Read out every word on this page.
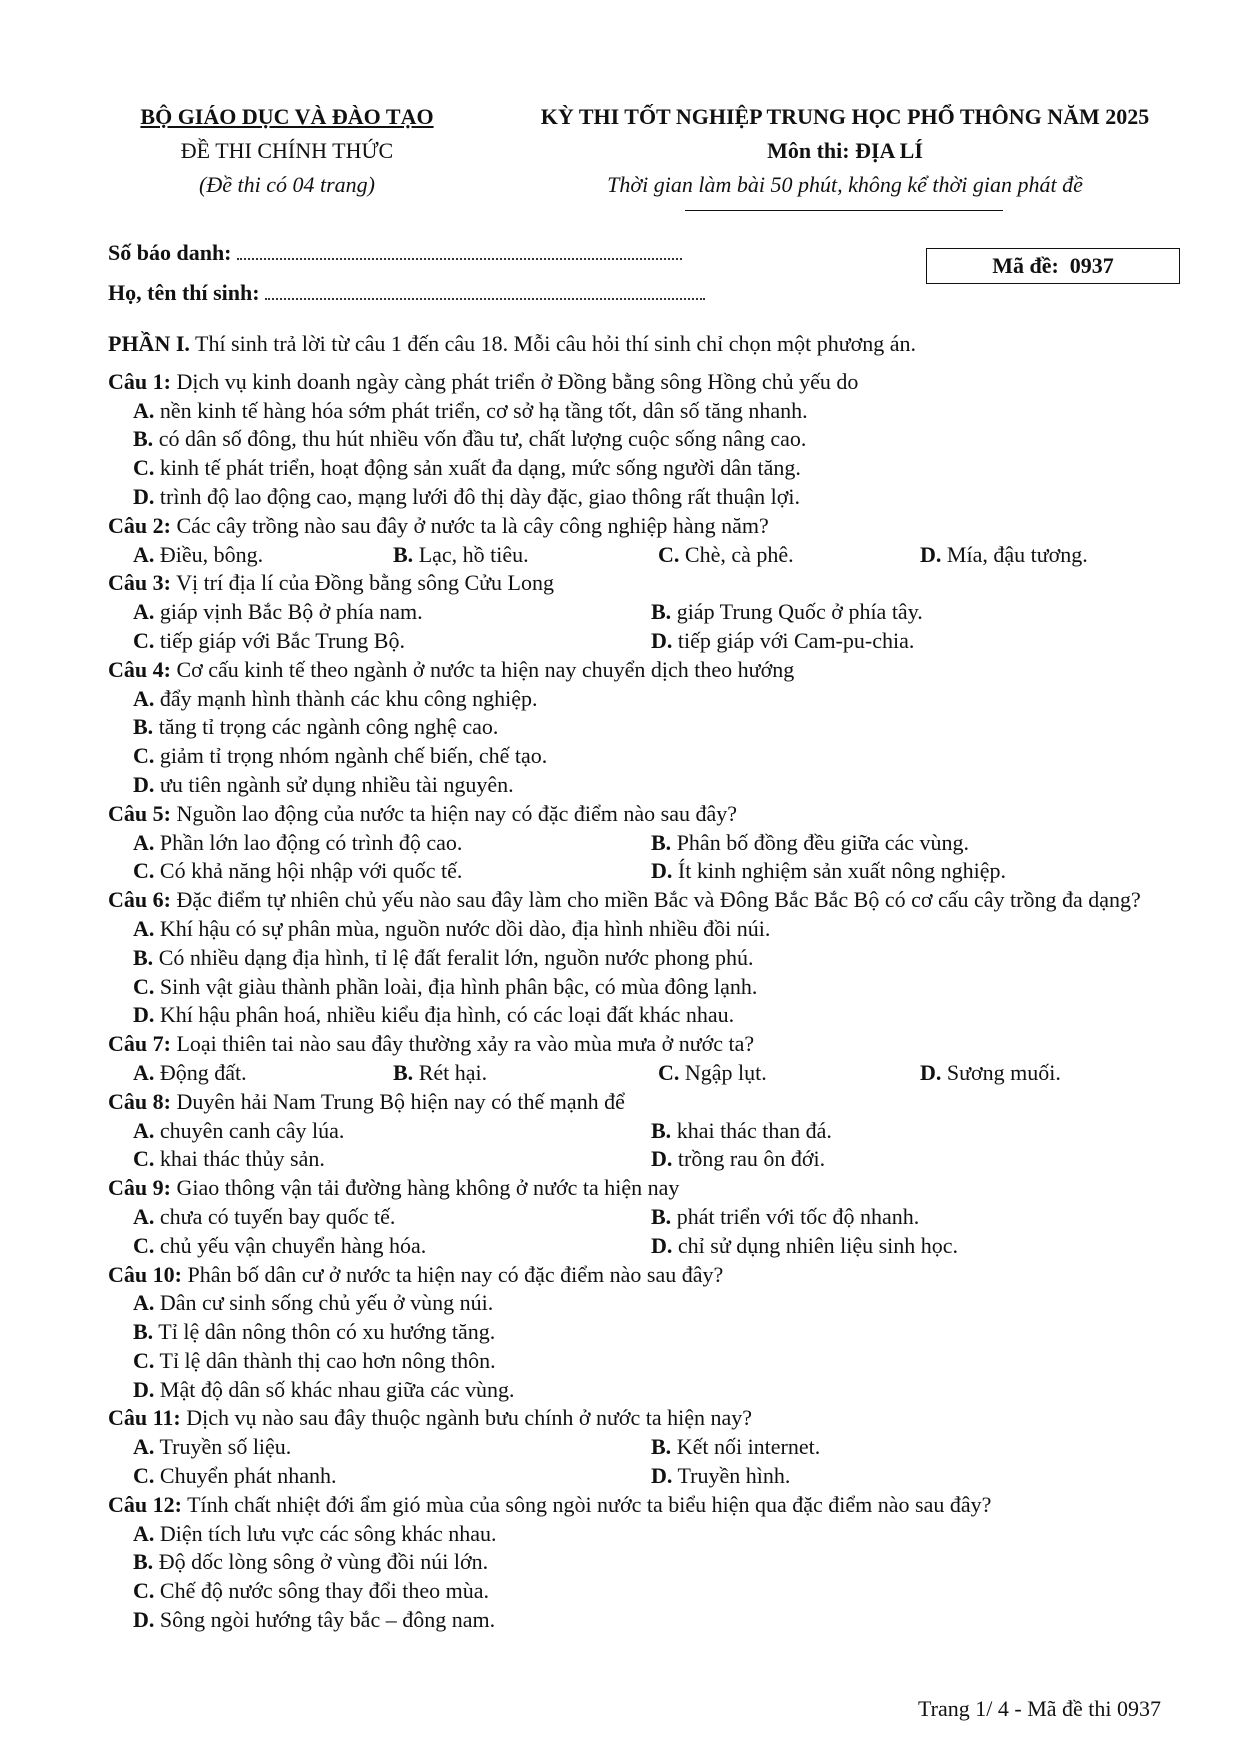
BỘ GIÁO DỤC VÀ ĐÀO TẠO
ĐỀ THI CHÍNH THỨC
(Đề thi có 04 trang)
KỲ THI TỐT NGHIỆP TRUNG HỌC PHỔ THÔNG NĂM 2025
Môn thi: ĐỊA LÍ
Thời gian làm bài 50 phút, không kể thời gian phát đề
Số báo danh:
Họ, tên thí sinh:
Mã đề:
0937
PHẦN I. Thí sinh trả lời từ câu 1 đến câu 18. Mỗi câu hỏi thí sinh chỉ chọn một phương án.
Câu 1: Dịch vụ kinh doanh ngày càng phát triển ở Đồng bằng sông Hồng chủ yếu do
A. nền kinh tế hàng hóa sớm phát triển, cơ sở hạ tầng tốt, dân số tăng nhanh.
B. có dân số đông, thu hút nhiều vốn đầu tư, chất lượng cuộc sống nâng cao.
C. kinh tế phát triển, hoạt động sản xuất đa dạng, mức sống người dân tăng.
D. trình độ lao động cao, mạng lưới đô thị dày đặc, giao thông rất thuận lợi.
Câu 2: Các cây trồng nào sau đây ở nước ta là cây công nghiệp hàng năm?
A. Điều, bông.	B. Lạc, hồ tiêu.	C. Chè, cà phê.	D. Mía, đậu tương.
Câu 3: Vị trí địa lí của Đồng bằng sông Cửu Long
A. giáp vịnh Bắc Bộ ở phía nam.	B. giáp Trung Quốc ở phía tây.
C. tiếp giáp với Bắc Trung Bộ.	D. tiếp giáp với Cam-pu-chia.
Câu 4: Cơ cấu kinh tế theo ngành ở nước ta hiện nay chuyển dịch theo hướng
A. đẩy mạnh hình thành các khu công nghiệp.
B. tăng tỉ trọng các ngành công nghệ cao.
C. giảm tỉ trọng nhóm ngành chế biến, chế tạo.
D. ưu tiên ngành sử dụng nhiều tài nguyên.
Câu 5: Nguồn lao động của nước ta hiện nay có đặc điểm nào sau đây?
A. Phần lớn lao động có trình độ cao.	B. Phân bố đồng đều giữa các vùng.
C. Có khả năng hội nhập với quốc tế.	D. Ít kinh nghiệm sản xuất nông nghiệp.
Câu 6: Đặc điểm tự nhiên chủ yếu nào sau đây làm cho miền Bắc và Đông Bắc Bắc Bộ có cơ cấu cây trồng đa dạng?
A. Khí hậu có sự phân mùa, nguồn nước dồi dào, địa hình nhiều đồi núi.
B. Có nhiều dạng địa hình, tỉ lệ đất feralit lớn, nguồn nước phong phú.
C. Sinh vật giàu thành phần loài, địa hình phân bậc, có mùa đông lạnh.
D. Khí hậu phân hoá, nhiều kiểu địa hình, có các loại đất khác nhau.
Câu 7: Loại thiên tai nào sau đây thường xảy ra vào mùa mưa ở nước ta?
A. Động đất.	B. Rét hại.	C. Ngập lụt.	D. Sương muối.
Câu 8: Duyên hải Nam Trung Bộ hiện nay có thế mạnh để
A. chuyên canh cây lúa.	B. khai thác than đá.
C. khai thác thủy sản.	D. trồng rau ôn đới.
Câu 9: Giao thông vận tải đường hàng không ở nước ta hiện nay
A. chưa có tuyến bay quốc tế.	B. phát triển với tốc độ nhanh.
C. chủ yếu vận chuyển hàng hóa.	D. chỉ sử dụng nhiên liệu sinh học.
Câu 10: Phân bố dân cư ở nước ta hiện nay có đặc điểm nào sau đây?
A. Dân cư sinh sống chủ yếu ở vùng núi.
B. Tỉ lệ dân nông thôn có xu hướng tăng.
C. Tỉ lệ dân thành thị cao hơn nông thôn.
D. Mật độ dân số khác nhau giữa các vùng.
Câu 11: Dịch vụ nào sau đây thuộc ngành bưu chính ở nước ta hiện nay?
A. Truyền số liệu.	B. Kết nối internet.
C. Chuyển phát nhanh.	D. Truyền hình.
Câu 12: Tính chất nhiệt đới ẩm gió mùa của sông ngòi nước ta biểu hiện qua đặc điểm nào sau đây?
A. Diện tích lưu vực các sông khác nhau.
B. Độ dốc lòng sông ở vùng đồi núi lớn.
C. Chế độ nước sông thay đổi theo mùa.
D. Sông ngòi hướng tây bắc – đông nam.
Trang 1/ 4 - Mã đề thi 0937
